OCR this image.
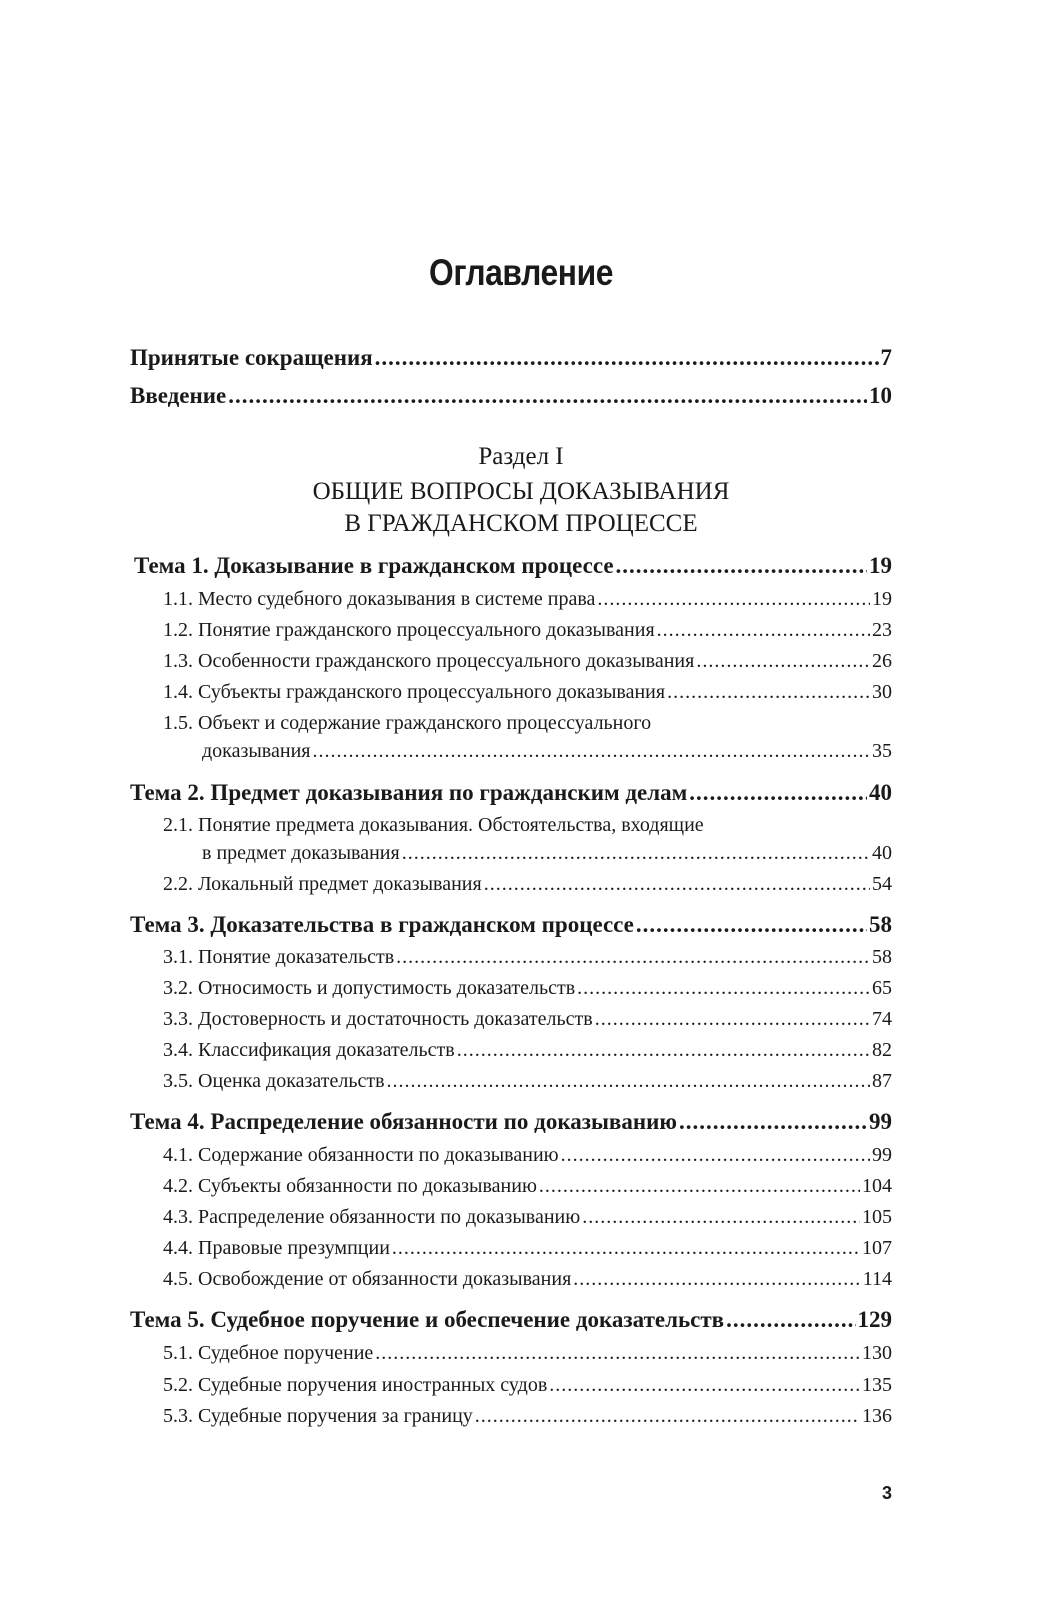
Оглавление
Принятые сокращения .....	7
Введение .....	10
Раздел I
ОБЩИЕ ВОПРОСЫ ДОКАЗЫВАНИЯ
В ГРАЖДАНСКОМ ПРОЦЕССЕ
Тема 1. Доказывание в гражданском процессе .....	19
1.1. Место судебного доказывания в системе права .....	19
1.2. Понятие гражданского процессуального доказывания .....	23
1.3. Особенности гражданского процессуального доказывания .....	26
1.4. Субъекты гражданского процессуального доказывания .....	30
1.5. Объект и содержание гражданского процессуального
доказывания .....	35
Тема 2. Предмет доказывания по гражданским делам .....	40
2.1. Понятие предмета доказывания. Обстоятельства, входящие
в предмет доказывания .....	40
2.2. Локальный предмет доказывания .....	54
Тема 3. Доказательства в гражданском процессе .....	58
3.1. Понятие доказательств .....	58
3.2. Относимость и допустимость доказательств .....	65
3.3. Достоверность и достаточность доказательств .....	74
3.4. Классификация доказательств .....	82
3.5. Оценка доказательств .....	87
Тема 4. Распределение обязанности по доказыванию .....	99
4.1. Содержание обязанности по доказыванию .....	99
4.2. Субъекты обязанности по доказыванию .....	104
4.3. Распределение обязанности по доказыванию .....	105
4.4. Правовые презумпции .....	107
4.5. Освобождение от обязанности доказывания .....	114
Тема 5. Судебное поручение и обеспечение доказательств .....	129
5.1. Судебное поручение .....	130
5.2. Судебные поручения иностранных судов .....	135
5.3. Судебные поручения за границу .....	136
3
